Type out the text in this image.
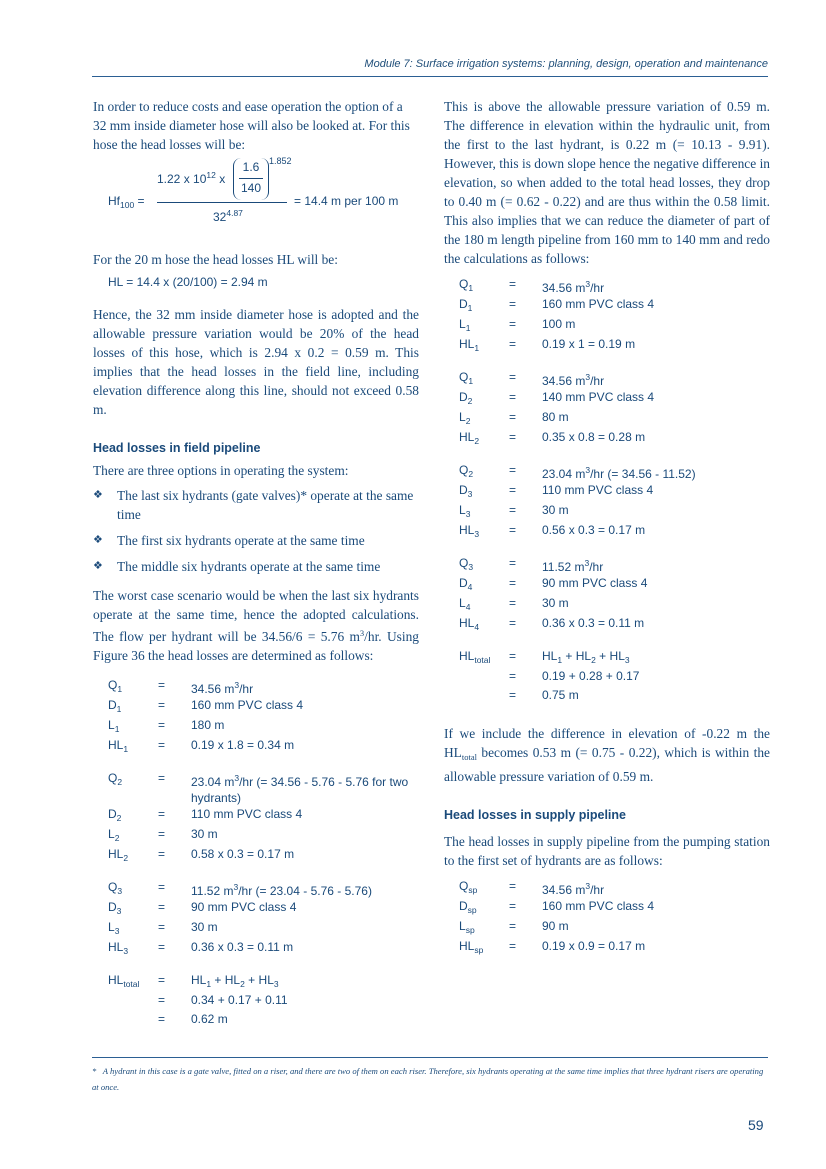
Module 7: Surface irrigation systems: planning, design, operation and maintenance

In order to reduce costs and ease operation the option of a 32 mm inside diameter hose will also be looked at. For this hose the head losses will be:

$Hf_{100}$ =
1.22 x $10^{12}$ x
1.6
140
1.852
$32^{4.87}$
= 14.4 m per 100 m

For the 20 m hose the head losses HL will be:

HL = 14.4 x (20/100) = 2.94 m

Hence, the 32 mm inside diameter hose is adopted and the allowable pressure variation would be 20% of the head losses of this hose, which is 2.94 x 0.2 = 0.59 m. This implies that the head losses in the field line, including elevation difference along this line, should not exceed 0.58 m.

Head losses in field pipeline

There are three options in operating the system:

❖	The last six hydrants (gate valves)* operate at the same time
❖	The first six hydrants operate at the same time
❖	The middle six hydrants operate at the same time

The worst case scenario would be when the last six hydrants operate at the same time, hence the adopted calculations. The flow per hydrant will be 34.56/6 = 5.76 $m^3/hr$. Using Figure 36 the head losses are determined as follows:

$Q_1$	=	34.56 $m^3/hr$
$D_1$	=	160 mm PVC class 4
$L_1$	=	180 m
$HL_1$	=	0.19 x 1.8 = 0.34 m
$Q_2$	=	23.04 $m^3/hr$ (= 34.56 - 5.76 - 5.76 for two hydrants)
$D_2$	=	110 mm PVC class 4
$L_2$	=	30 m
$HL_2$	=	0.58 x 0.3 = 0.17 m
$Q_3$	=	11.52 $m^3/hr$ (= 23.04 - 5.76 - 5.76)
$D_3$	=	90 mm PVC class 4
$L_3$	=	30 m
$HL_3$	=	0.36 x 0.3 = 0.11 m
$HL_{total}$	=	$HL_1 + HL_2 + HL_3$
	=	0.34 + 0.17 + 0.11
	=	0.62 m

This is above the allowable pressure variation of 0.59 m. The difference in elevation within the hydraulic unit, from the first to the last hydrant, is 0.22 m (= 10.13 - 9.91). However, this is down slope hence the negative difference in elevation, so when added to the total head losses, they drop to 0.40 m (= 0.62 - 0.22) and are thus within the 0.58 limit. This also implies that we can reduce the diameter of part of the 180 m length pipeline from 160 mm to 140 mm and redo the calculations as follows:

$Q_1$	=	34.56 $m^3/hr$
$D_1$	=	160 mm PVC class 4
$L_1$	=	100 m
$HL_1$	=	0.19 x 1 = 0.19 m
$Q_1$	=	34.56 $m^3/hr$
$D_2$	=	140 mm PVC class 4
$L_2$	=	80 m
$HL_2$	=	0.35 x 0.8 = 0.28 m
$Q_2$	=	23.04 $m^3/hr$ (= 34.56 - 11.52)
$D_3$	=	110 mm PVC class 4
$L_3$	=	30 m
$HL_3$	=	0.56 x 0.3 = 0.17 m
$Q_3$	=	11.52 $m^3/hr$
$D_4$	=	90 mm PVC class 4
$L_4$	=	30 m
$HL_4$	=	0.36 x 0.3 = 0.11 m
$HL_{total}$	=	$HL_1 + HL_2 + HL_3$
	=	0.19 + 0.28 + 0.17
	=	0.75 m

If we include the difference in elevation of -0.22 m the $HL_{total}$ becomes 0.53 m (= 0.75 - 0.22), which is within the allowable pressure variation of 0.59 m.

Head losses in supply pipeline

The head losses in supply pipeline from the pumping station to the first set of hydrants are as follows:

$Q_{sp}$	=	34.56 $m^3/hr$
$D_{sp}$	=	160 mm PVC class 4
$L_{sp}$	=	90 m
$HL_{sp}$	=	0.19 x 0.9 = 0.17 m
* A hydrant in this case is a gate valve, fitted on a riser, and there are two of them on each riser. Therefore, six hydrants operating at the same time implies that three hydrant risers are operating at once.
59
